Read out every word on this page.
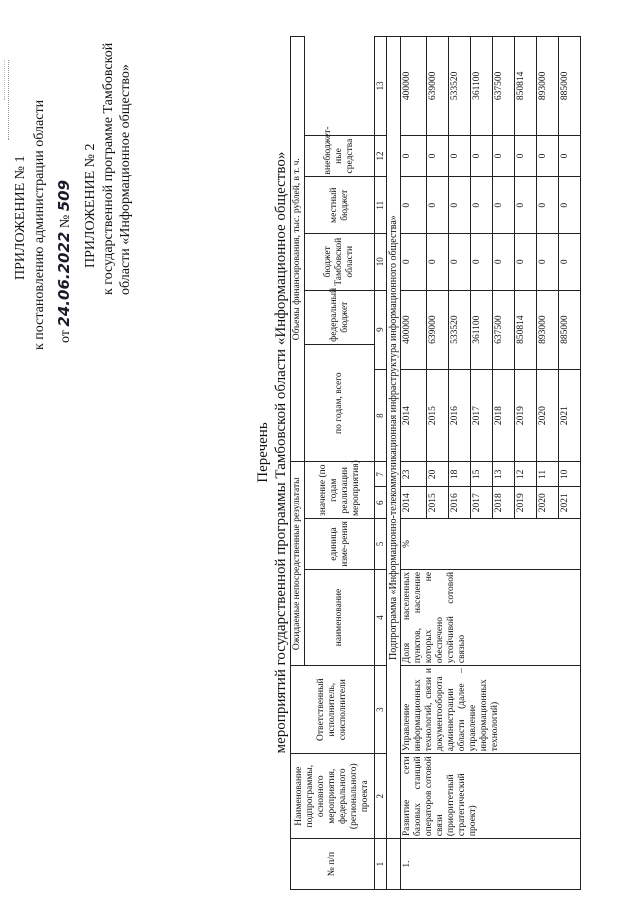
ПРИЛОЖЕНИЕ № 1 к постановлению администрации области от 24.06.2022 № 509 ПРИЛОЖЕНИЕ № 2 к государственной программе Тамбовской области «Информационное общество»
Перечень мероприятий государственной программы Тамбовской области «Информационное общество»
№ п/п	Наименование подпрограммы, основного мероприятия, федерального (регионального) проекта	Ответственный исполнитель, соисполнители	Ожидаемые непосредственные результаты				Объемы финансирования, тыс. рублей, в т. ч.						
			наименование	единица изме-рения	значение (по годам реализации мероприятия)		по годам, всего		федеральный бюджет	бюджет Тамбовской области	местный бюджет	внебюджет-ные средства	
1	2	3	4	5	6	7	8	9		10	11	12	13
	Подпрограмма «Информационно-телекоммуникационная инфраструктура информационного общества»												
1.	Развитие сети базовых станций операторов сотовой связи (приоритетный стратегический проект)	Управление информационных технологий, связи и документооборота администрации области (далее – управление информационных технологий)	Доля населенных пунктов, население которых не обеспечено устойчивой сотовой связью	%	2014	23	2014	400000		0	0	0	400000
					2015	20	2015	639000		0	0	0	639000
					2016	18	2016	533520		0	0	0	533520
					2017	15	2017	361100		0	0	0	361100
					2018	13	2018	637500		0	0	0	637500
					2019	12	2019	850814		0	0	0	850814
					2020	11	2020	893000		0	0	0	893000
					2021	10	2021	885000		0	0	0	885000
